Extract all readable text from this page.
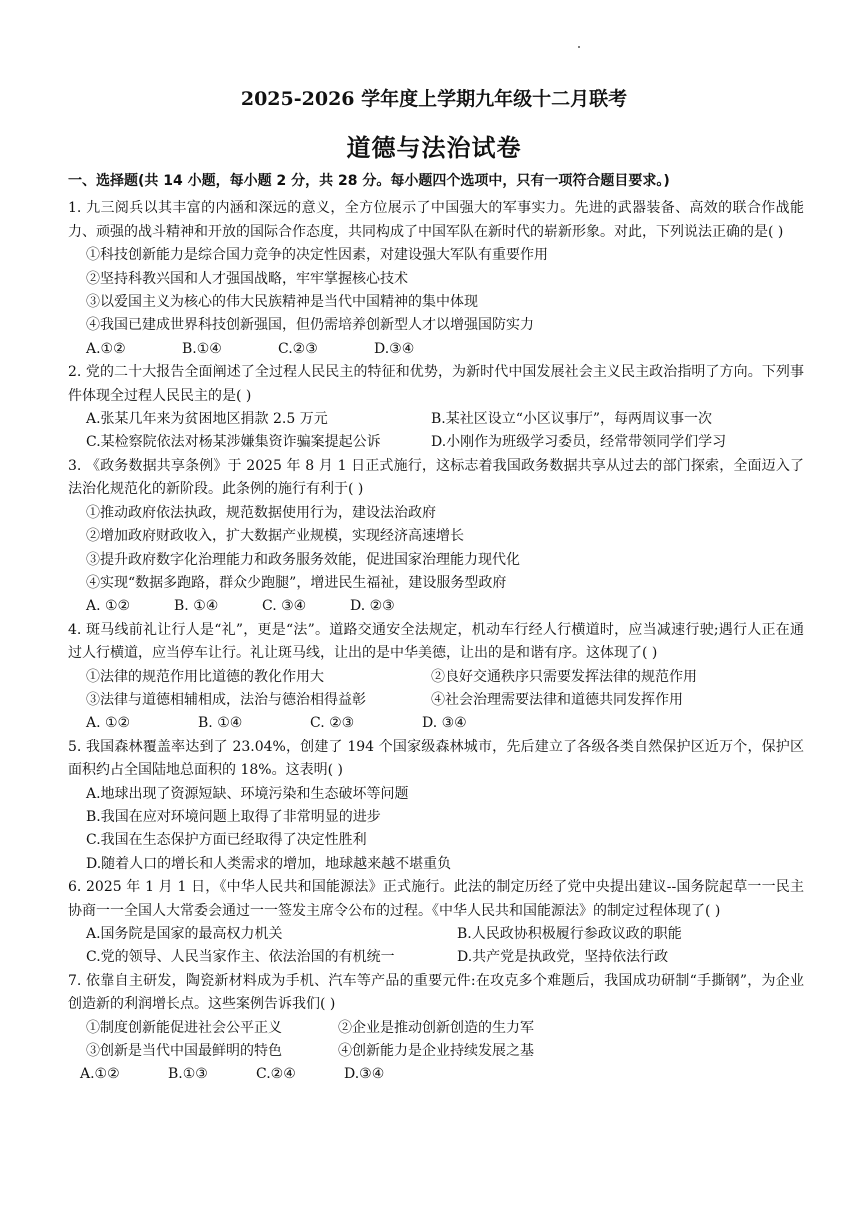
2025-2026 学年度上学期九年级十二月联考
道德与法治试卷
一、选择题(共 14 小题，每小题 2 分，共 28 分。每小题四个选项中，只有一项符合题目要求。)
1. 九三阅兵以其丰富的内涵和深远的意义，全方位展示了中国强大的军事实力。先进的武器装备、高效的联合作战能力、顽强的战斗精神和开放的国际合作态度，共同构成了中国军队在新时代的崭新形象。对此，下列说法正确的是( )
①科技创新能力是综合国力竞争的决定性因素，对建设强大军队有重要作用
②坚持科教兴国和人才强国战略，牢牢掌握核心技术
③以爱国主义为核心的伟大民族精神是当代中国精神的集中体现
④我国已建成世界科技创新强国，但仍需培养创新型人才以增强国防实力
A.①②	B.①④	C.②③	D.③④
2. 党的二十大报告全面阐述了全过程人民民主的特征和优势，为新时代中国发展社会主义民主政治指明了方向。下列事件体现全过程人民民主的是( )
A.张某几年来为贫困地区捐款 2.5 万元	B.某社区设立“小区议事厅”，每两周议事一次
C.某检察院依法对杨某涉嫌集资诈骗案提起公诉	D.小刚作为班级学习委员，经常带领同学们学习
3. 《政务数据共享条例》于 2025 年 8 月 1 日正式施行，这标志着我国政务数据共享从过去的部门探索，全面迈入了法治化规范化的新阶段。此条例的施行有利于( )
①推动政府依法执政，规范数据使用行为，建设法治政府
②增加政府财政收入，扩大数据产业规模，实现经济高速增长
③提升政府数字化治理能力和政务服务效能，促进国家治理能力现代化
④实现“数据多跑路，群众少跑腿”，增进民生福祉，建设服务型政府
A. ①②	B. ①④	C. ③④	D. ②③
4. 斑马线前礼让行人是“礼”，更是“法”。道路交通安全法规定，机动车行经人行横道时，应当减速行驶;遇行人正在通过人行横道，应当停车让行。礼让斑马线，让出的是中华美德，让出的是和谐有序。这体现了( )
①法律的规范作用比道德的教化作用大	②良好交通秩序只需要发挥法律的规范作用
③法律与道德相辅相成，法治与德治相得益彰	④社会治理需要法律和道德共同发挥作用
A. ①②	B. ①④	C. ②③	D. ③④
5. 我国森林覆盖率达到了 23.04%，创建了 194 个国家级森林城市，先后建立了各级各类自然保护区近万个，保护区面积约占全国陆地总面积的 18%。这表明( )
A.地球出现了资源短缺、环境污染和生态破坏等问题
B.我国在应对环境问题上取得了非常明显的进步
C.我国在生态保护方面已经取得了决定性胜利
D.随着人口的增长和人类需求的增加，地球越来越不堪重负
6. 2025 年 1 月 1 日，《中华人民共和国能源法》正式施行。此法的制定历经了党中央提出建议--国务院起草一一民主协商一一全国人大常委会通过一一签发主席令公布的过程。《中华人民共和国能源法》的制定过程体现了( )
A.国务院是国家的最高权力机关	B.人民政协积极履行参政议政的职能
C.党的领导、人民当家作主、依法治国的有机统一	D.共产党是执政党，坚持依法行政
7. 依靠自主研发，陶瓷新材料成为手机、汽车等产品的重要元件:在攻克多个难题后，我国成功研制“手撕钢”，为企业创造新的利润增长点。这些案例告诉我们( )
①制度创新能促进社会公平正义	②企业是推动创新创造的生力军
③创新是当代中国最鲜明的特色	④创新能力是企业持续发展之基
A.①②	B.①③	C.②④	D.③④
